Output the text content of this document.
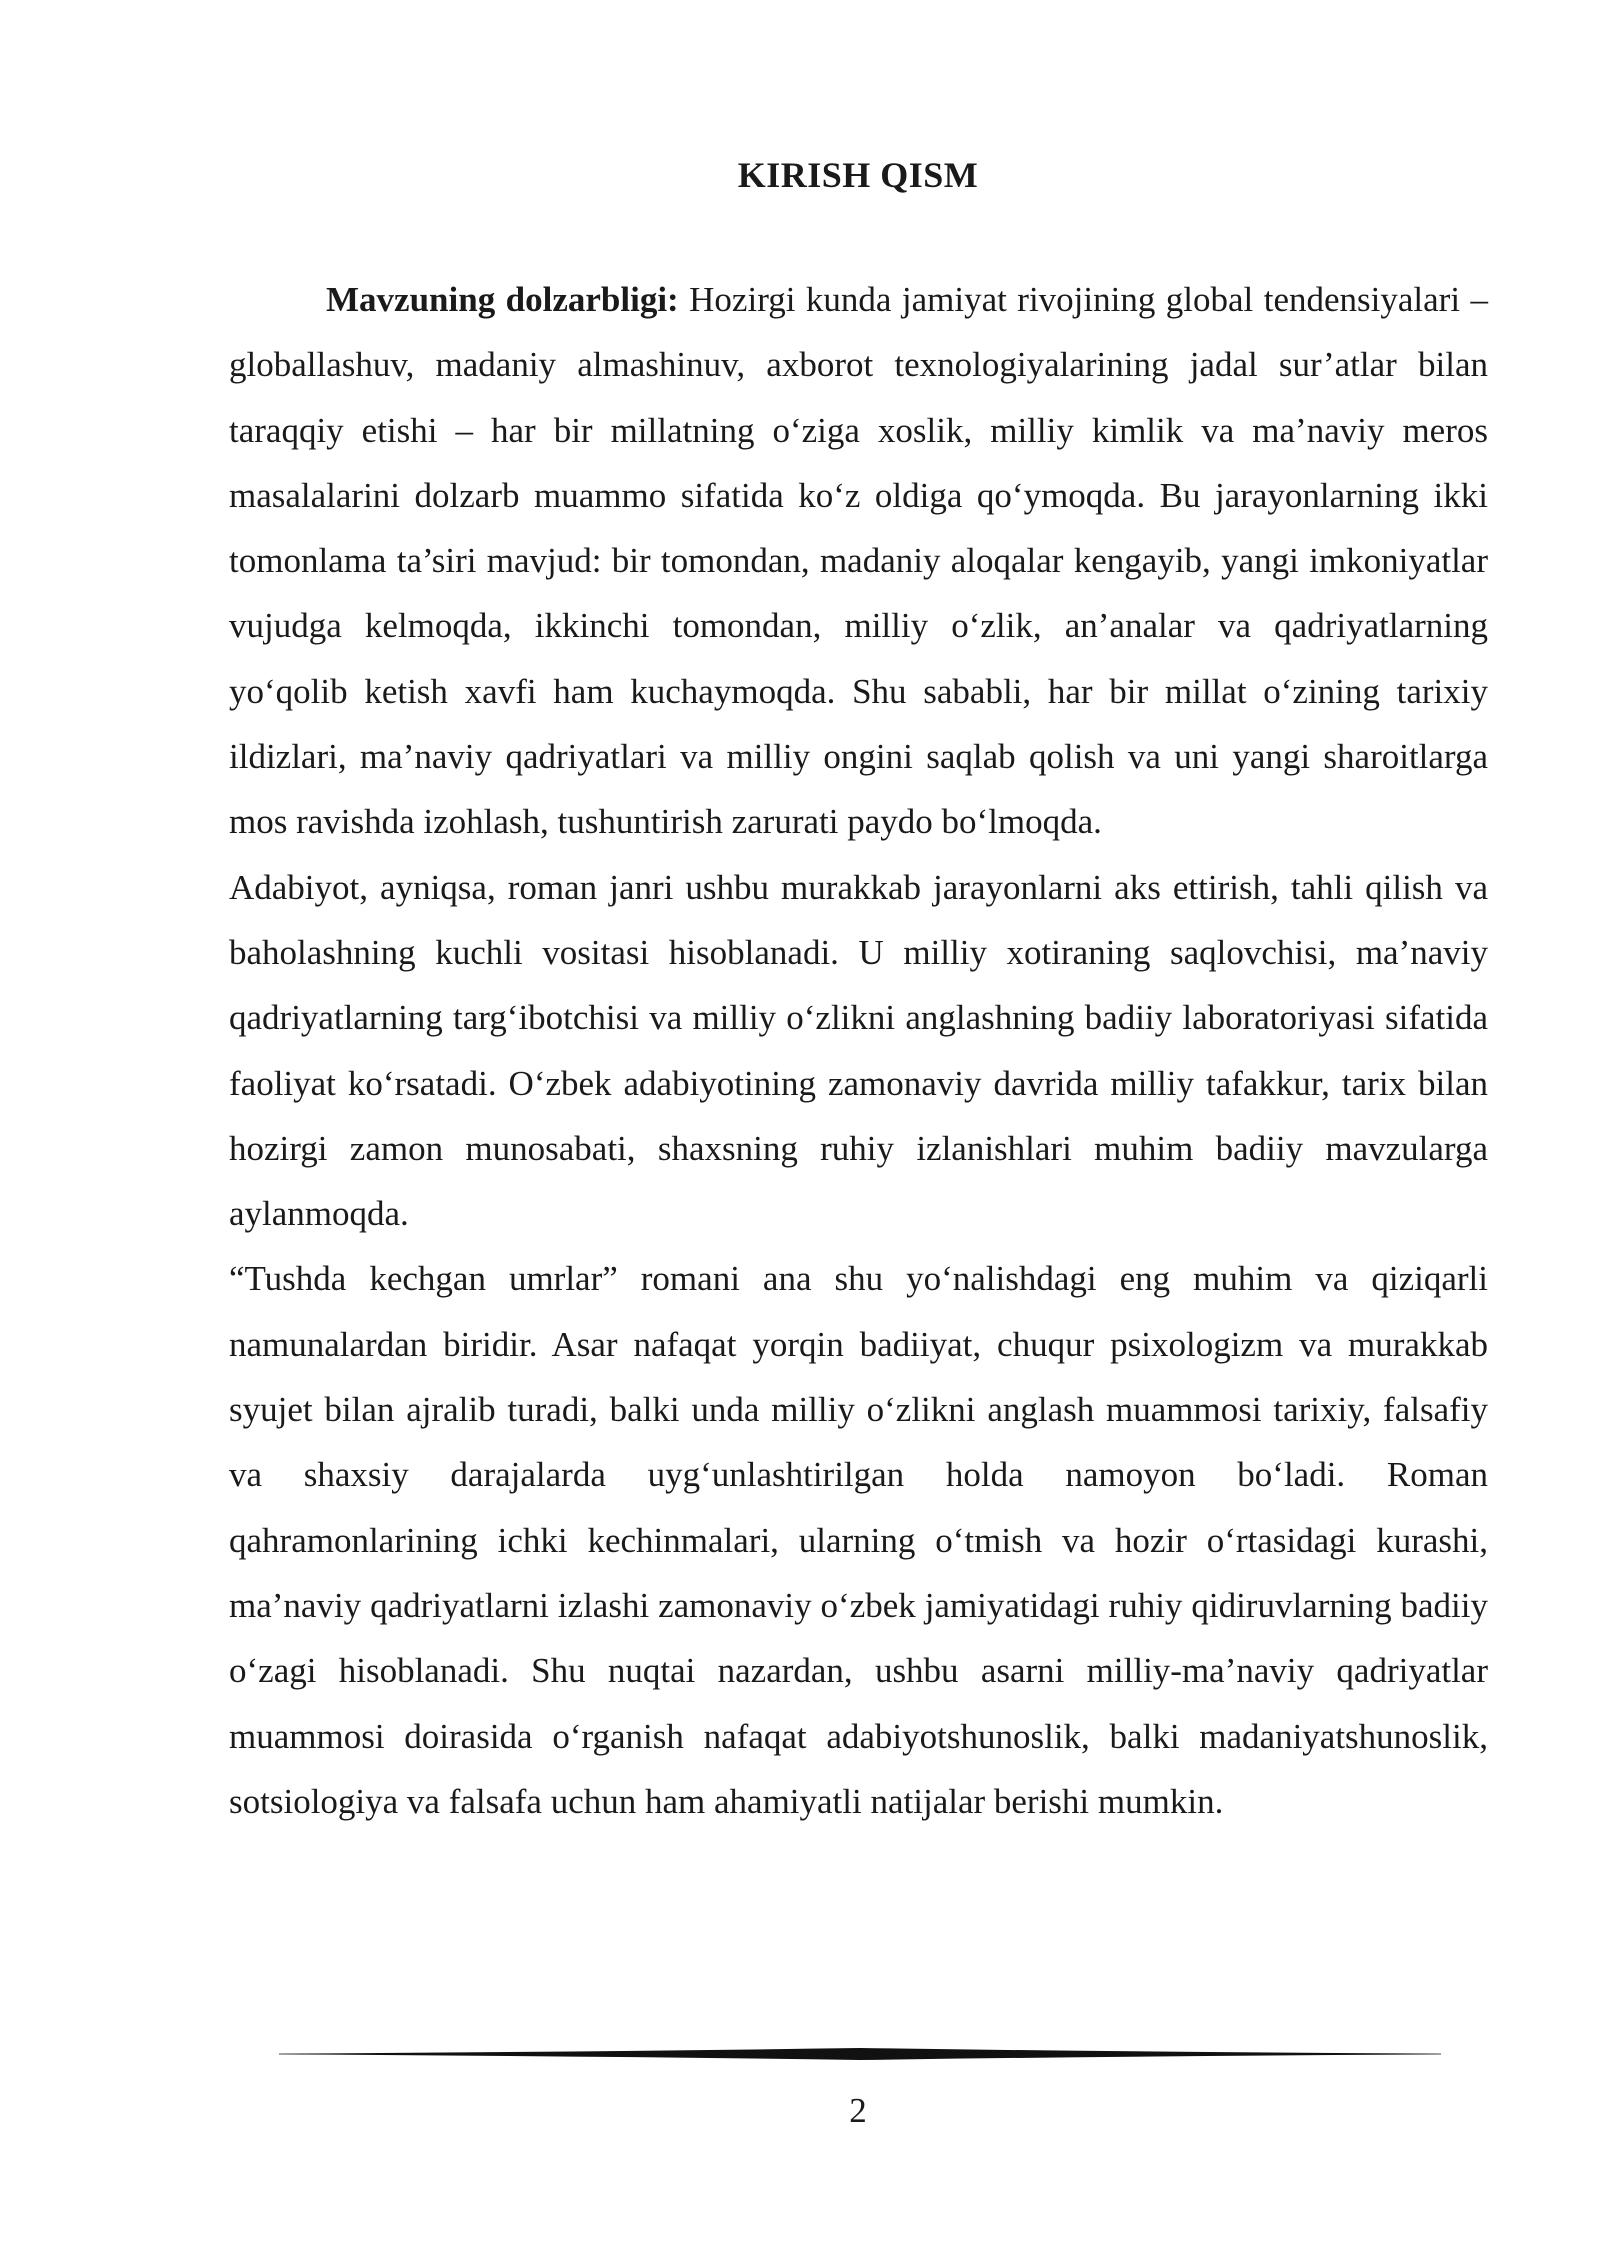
KIRISH QISM

Mavzuning dolzarbligi: Hozirgi kunda jamiyat rivojining global tendensiyalari – globallashuv, madaniy almashinuv, axborot texnologiyalarining jadal sur’atlar bilan taraqqiy etishi – har bir millatning o‘ziga xoslik, milliy kimlik va ma’naviy meros masalalarini dolzarb muammo sifatida ko‘z oldiga qo‘ymoqda. Bu jarayonlarning ikki tomonlama ta’siri mavjud: bir tomondan, madaniy aloqalar kengayib, yangi imkoniyatlar vujudga kelmoqda, ikkinchi tomondan, milliy o‘zlik, an’analar va qadriyatlarning yo‘qolib ketish xavfi ham kuchaymoqda. Shu sababli, har bir millat o‘zining tarixiy ildizlari, ma’naviy qadriyatlari va milliy ongini saqlab qolish va uni yangi sharoitlarga mos ravishda izohlash, tushuntirish zarurati paydo bo‘lmoqda.

Adabiyot, ayniqsa, roman janri ushbu murakkab jarayonlarni aks ettirish, tahli qilish va baholashning kuchli vositasi hisoblanadi. U milliy xotiraning saqlovchisi, ma’naviy qadriyatlarning targ‘ibotchisi va milliy o‘zlikni anglashning badiiy laboratoriyasi sifatida faoliyat ko‘rsatadi. O‘zbek adabiyotining zamonaviy davrida milliy tafakkur, tarix bilan hozirgi zamon munosabati, shaxsning ruhiy izlanishlari muhim badiiy mavzularga aylanmoqda.

“Tushda kechgan umrlar” romani ana shu yo‘nalishdagi eng muhim va qiziqarli namunalardan biridir. Asar nafaqat yorqin badiiyat, chuqur psixologizm va murakkab syujet bilan ajralib turadi, balki unda milliy o‘zlikni anglash muammosi tarixiy, falsafiy va shaxsiy darajalarda uyg‘unlashtirilgan holda namoyon bo‘ladi. Roman qahramonlarining ichki kechinmalari, ularning o‘tmish va hozir o‘rtasidagi kurashi, ma’naviy qadriyatlarni izlashi zamonaviy o‘zbek jamiyatidagi ruhiy qidiruvlarning badiiy o‘zagi hisoblanadi. Shu nuqtai nazardan, ushbu asarni milliy-ma’naviy qadriyatlar muammosi doirasida o‘rganish nafaqat adabiyotshunoslik, balki madaniyatshunoslik, sotsiologiya va falsafa uchun ham ahamiyatli natijalar berishi mumkin.

2
